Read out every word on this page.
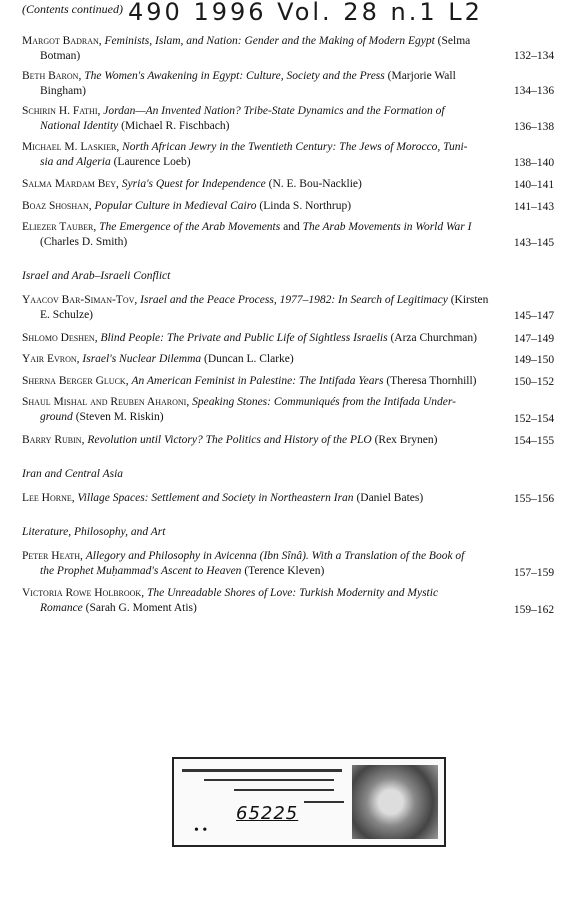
(Contents continued) 490 1996 Vol. 28 n.1 L2
Margot Badran, Feminists, Islam, and Nation: Gender and the Making of Modern Egypt (Selma
Botman)	132–134
Beth Baron, The Women's Awakening in Egypt: Culture, Society and the Press (Marjorie Wall
Bingham)	134–136
Schirin H. Fathi, Jordan—An Invented Nation? Tribe-State Dynamics and the Formation of
National Identity (Michael R. Fischbach)	136–138
Michael M. Laskier, North African Jewry in the Twentieth Century: The Jews of Morocco, Tuni-
sia and Algeria (Laurence Loeb)	138–140
Salma Mardam Bey, Syria's Quest for Independence (N. E. Bou-Nacklie)	140–141
Boaz Shoshan, Popular Culture in Medieval Cairo (Linda S. Northrup)	141–143
Eliezer Tauber, The Emergence of the Arab Movements and The Arab Movements in World War I
(Charles D. Smith)	143–145
Israel and Arab–Israeli Conflict
Yaacov Bar-Siman-Tov, Israel and the Peace Process, 1977–1982: In Search of Legitimacy (Kirsten
E. Schulze)	145–147
Shlomo Deshen, Blind People: The Private and Public Life of Sightless Israelis (Arza Churchman)	147–149
Yair Evron, Israel's Nuclear Dilemma (Duncan L. Clarke)	149–150
Sherna Berger Gluck, An American Feminist in Palestine: The Intifada Years (Theresa Thornhill)	150–152
Shaul Mishal and Reuben Aharoni, Speaking Stones: Communiqués from the Intifada Under-
ground (Steven M. Riskin)	152–154
Barry Rubin, Revolution until Victory? The Politics and History of the PLO (Rex Brynen)	154–155
Iran and Central Asia
Lee Horne, Village Spaces: Settlement and Society in Northeastern Iran (Daniel Bates)	155–156
Literature, Philosophy, and Art
Peter Heath, Allegory and Philosophy in Avicenna (Ibn Sînâ). With a Translation of the Book of
the Prophet Muḥammad's Ascent to Heaven (Terence Kleven)	157–159
Victoria Rowe Holbrook, The Unreadable Shores of Love: Turkish Modernity and Mystic
Romance (Sarah G. Moment Atis)	159–162
65225
• •
